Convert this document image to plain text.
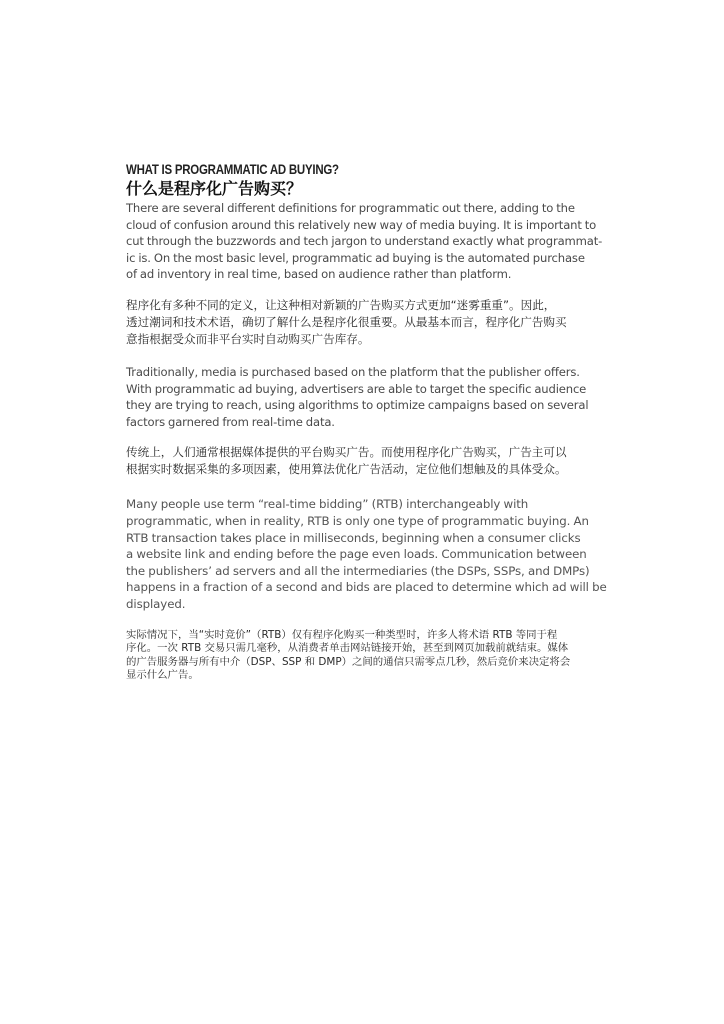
WHAT IS PROGRAMMATIC AD BUYING?
什么是程序化广告购买？

There are several different definitions for programmatic out there, adding to the
cloud of confusion around this relatively new way of media buying. It is important to
cut through the buzzwords and tech jargon to understand exactly what programmat-
ic is. On the most basic level, programmatic ad buying is the automated purchase
of ad inventory in real time, based on audience rather than platform.

程序化有多种不同的定义，让这种相对新颖的广告购买方式更加“迷雾重重”。因此，
透过潮词和技术术语，确切了解什么是程序化很重要。从最基本而言，程序化广告购买
意指根据受众而非平台实时自动购买广告库存。

Traditionally, media is purchased based on the platform that the publisher offers.
With programmatic ad buying, advertisers are able to target the specific audience
they are trying to reach, using algorithms to optimize campaigns based on several
factors garnered from real-time data.

传统上，人们通常根据媒体提供的平台购买广告。而使用程序化广告购买，广告主可以
根据实时数据采集的多项因素，使用算法优化广告活动，定位他们想触及的具体受众。

Many people use term “real-time bidding” (RTB) interchangeably with
programmatic, when in reality, RTB is only one type of programmatic buying. An
RTB transaction takes place in milliseconds, beginning when a consumer clicks
a website link and ending before the page even loads. Communication between
the publishers’ ad servers and all the intermediaries (the DSPs, SSPs, and DMPs)
happens in a fraction of a second and bids are placed to determine which ad will be
displayed.

实际情况下，当“实时竞价”（RTB）仅有程序化购买一种类型时，许多人将术语 RTB 等同于程
序化。一次 RTB 交易只需几毫秒，从消费者单击网站链接开始，甚至到网页加载前就结束。媒体
的广告服务器与所有中介（DSP、SSP 和 DMP）之间的通信只需零点几秒，然后竞价来决定将会
显示什么广告。
